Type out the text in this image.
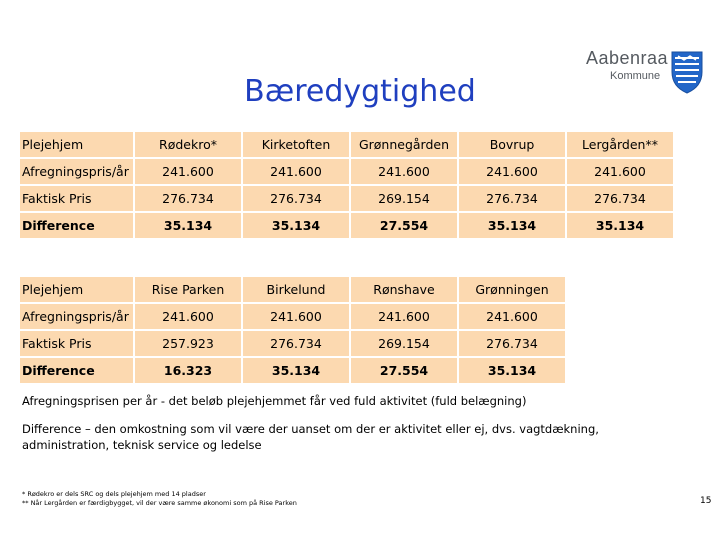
Bæredygtighed
Aabenraa
Kommune
Plejehjem	Rødekro*	Kirketoften	Grønnegården	Bovrup	Lergården**
Afregningspris/år	241.600	241.600	241.600	241.600	241.600
Faktisk Pris	276.734	276.734	269.154	276.734	276.734
Difference	35.134	35.134	27.554	35.134	35.134
Plejehjem	Rise Parken	Birkelund	Rønshave	Grønningen
Afregningspris/år	241.600	241.600	241.600	241.600
Faktisk Pris	257.923	276.734	269.154	276.734
Difference	16.323	35.134	27.554	35.134
Afregningsprisen per år - det beløb plejehjemmet får ved fuld aktivitet (fuld belægning)
Difference – den omkostning som vil være der uanset om der er aktivitet eller ej, dvs. vagtdækning, administration, teknisk service og ledelse
* Rødekro er dels SRC og dels plejehjem med 14 pladser
** Når Lergården er færdigbygget, vil der være samme økonomi som på Rise Parken	15
